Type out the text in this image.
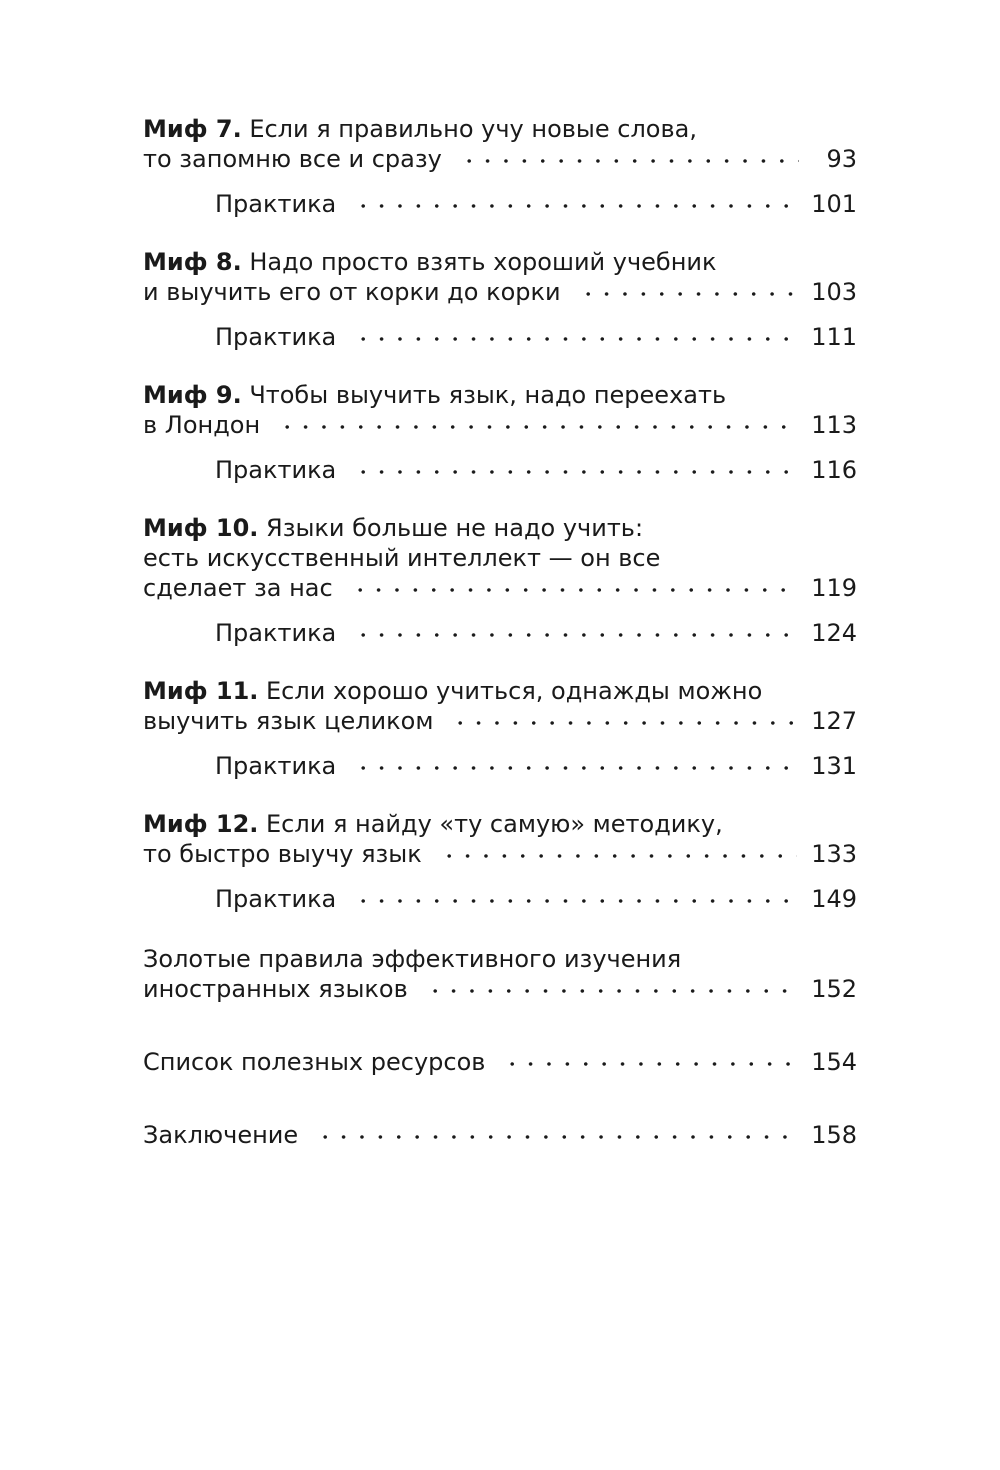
Миф 7. Если я правильно учу новые слова,
то запомню все и сразу	93
Практика	101
Миф 8. Надо просто взять хороший учебник
и выучить его от корки до корки	103
Практика	111
Миф 9. Чтобы выучить язык, надо переехать
в Лондон	113
Практика	116
Миф 10. Языки больше не надо учить:
есть искусственный интеллект — он все
сделает за нас	119
Практика	124
Миф 11. Если хорошо учиться, однажды можно
выучить язык целиком	127
Практика	131
Миф 12. Если я найду «ту самую» методику,
то быстро выучу язык	133
Практика	149
Золотые правила эффективного изучения
иностранных языков	152
Список полезных ресурсов	154
Заключение	158
